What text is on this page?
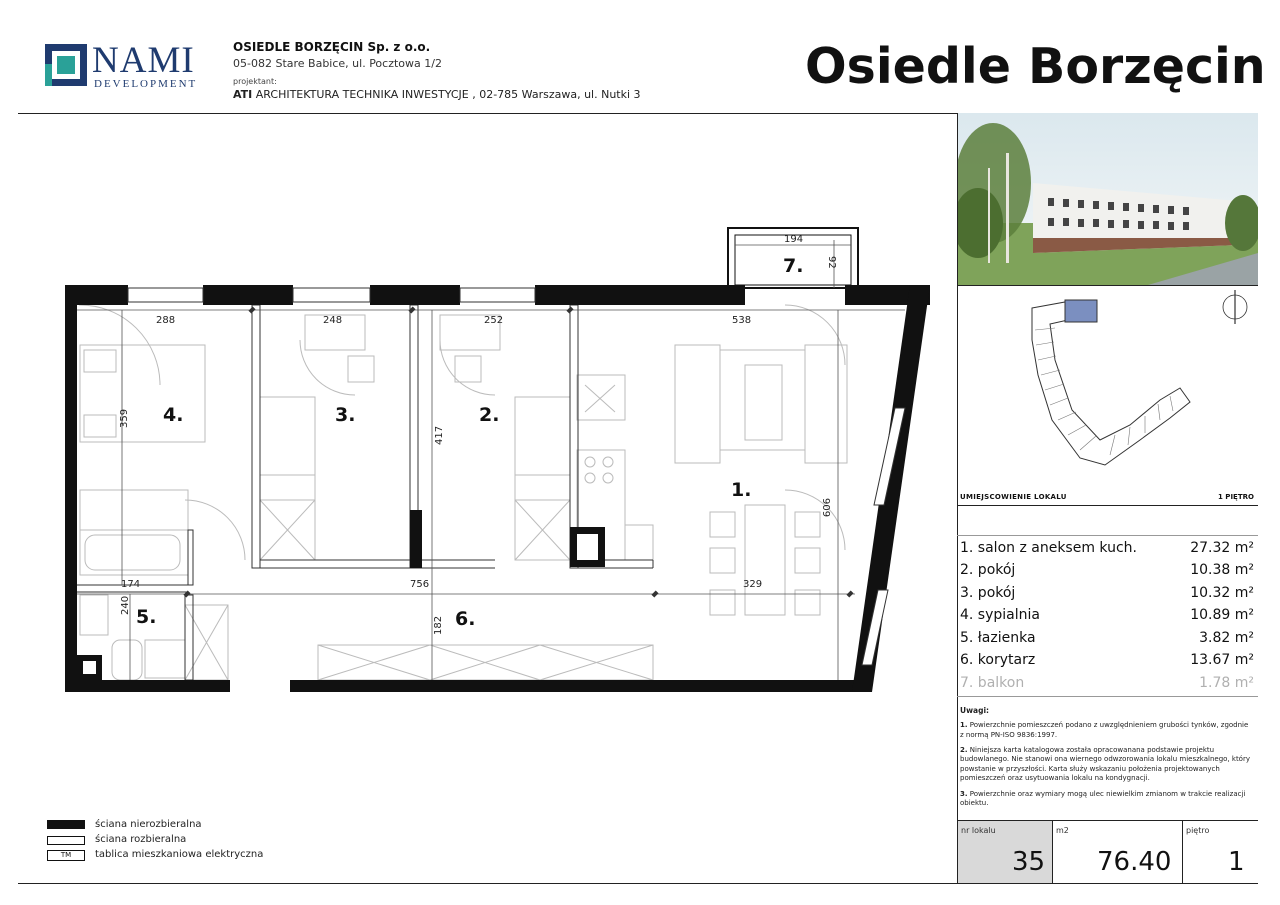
NAMI
DEVELOPMENT
OSIEDLE BORZĘCIN Sp. z o.o.
05-082 Stare Babice, ul. Pocztowa 1/2
projektant:
ATI ARCHITEKTURA TECHNIKA INWESTYCJE , 02-785 Warszawa, ul. Nutki 3	Osiedle Borzęcin
194
92
288	248	252	538
359
417
909
174	756	329
240
182
7.
4.	3.	2.
1.
5.	6.
UMIEJSCOWIENIE LOKALU	1 PIĘTRO
1. salon z aneksem kuch.	27.32 m²
2. pokój	10.38 m²
3. pokój	10.32 m²
4. sypialnia	10.89 m²
5. łazienka	3.82 m²
6. korytarz	13.67 m²
7. balkon	1.78 m²
Uwagi:

1. Powierzchnie pomieszczeń podano z uwzględnieniem grubości tynków, zgodnie z normą PN-ISO 9836:1997.

2. Niniejsza karta katalogowa została opracowanana podstawie projektu budowlanego. Nie stanowi ona wiernego odwzorowania lokalu mieszkalnego, który powstanie w przyszłości. Karta służy wskazaniu położenia projektowanych pomieszczeń oraz usytuowania lokalu na kondygnacji.

3. Powierzchnie oraz wymiary mogą ulec niewielkim zmianom w trakcie realizacji obiektu.

nr lokalu
35
m2
76.40
piętro
1
ściana nierozbieralna
ściana rozbieralna
TM	tablica mieszkaniowa elektryczna
